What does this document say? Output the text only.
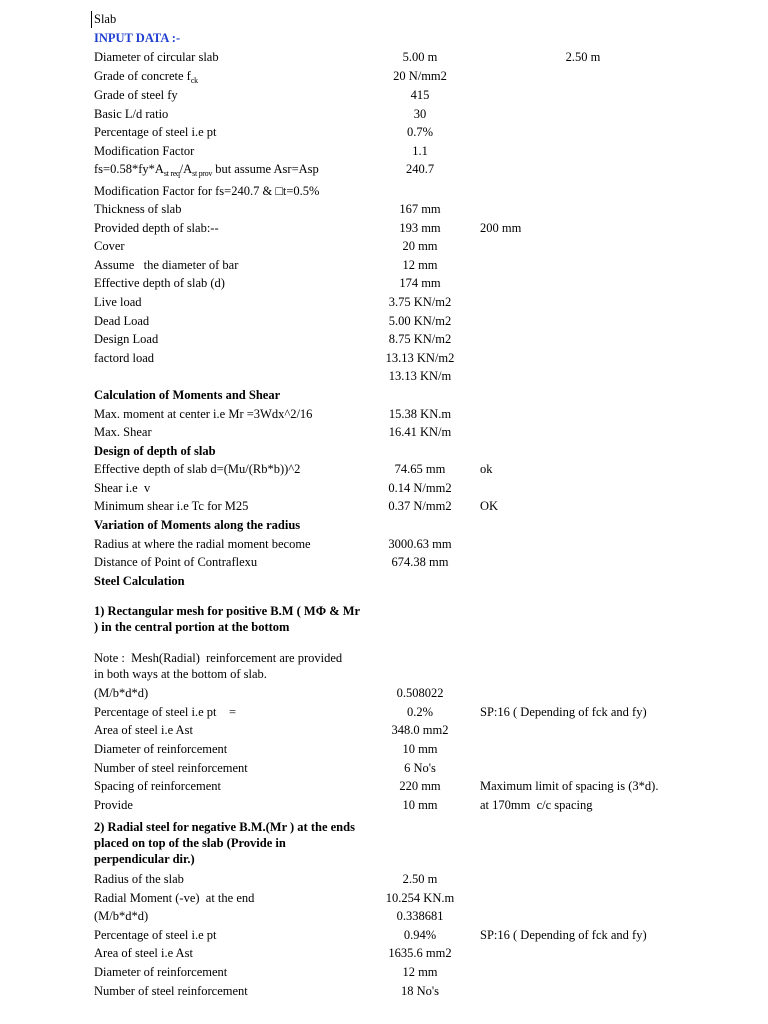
Slab
INPUT DATA :-
Diameter of circular slab	5.00 m	2.50 m
Grade of concrete $f_{ck}$	20 N/mm2
Grade of steel fy	415
Basic L/d ratio	30
Percentage of steel i.e pt	0.7%
Modification Factor	1.1
$fs=0.58*fy*A_{st req}/A_{st prov}$ but assume Asr=Asp	240.7
Modification Factor for fs=240.7 & □t=0.5%
Thickness of slab	167 mm
Provided depth of slab:--	193 mm	200 mm
Cover	20 mm
Assume   the diameter of bar	12 mm
Effective depth of slab (d)	174 mm
Live load	3.75 KN/m2
Dead Load	5.00 KN/m2
Design Load	8.75 KN/m2
factord load	13.13 KN/m2
13.13 KN/m
Calculation of Moments and Shear
Max. moment at center i.e Mr =3Wdx^2/16	15.38 KN.m
Max. Shear	16.41 KN/m
Design of depth of slab
Effective depth of slab d=(Mu/(Rb*b))^2	74.65 mm	ok
Shear i.e  v	0.14 N/mm2
Minimum shear i.e Tc for M25	0.37 N/mm2	OK
Variation of Moments along the radius
Radius at where the radial moment become	3000.63 mm
Distance of Point of Contraflexu	674.38 mm
Steel Calculation
1) Rectangular mesh for positive B.M ( MΦ & Mr ) in the central portion at the bottom
Note :  Mesh(Radial)  reinforcement are provided in both ways at the bottom of slab.
(M/b*d*d)	0.508022
Percentage of steel i.e pt    =	0.2%	SP:16 ( Depending of fck and fy)
Area of steel i.e Ast	348.0 mm2
Diameter of reinforcement	10 mm
Number of steel reinforcement	6 No's
Spacing of reinforcement	220 mm	Maximum limit of spacing is (3*d).
Provide	10 mm	at 170mm  c/c spacing
2) Radial steel for negative B.M.(Mr ) at the ends placed on top of the slab (Provide in perpendicular dir.)
Radius of the slab	2.50 m
Radial Moment (-ve)  at the end	10.254 KN.m
(M/b*d*d)	0.338681
Percentage of steel i.e pt	0.94%	SP:16 ( Depending of fck and fy)
Area of steel i.e Ast	1635.6 mm2
Diameter of reinforcement	12 mm
Number of steel reinforcement	18 No's
